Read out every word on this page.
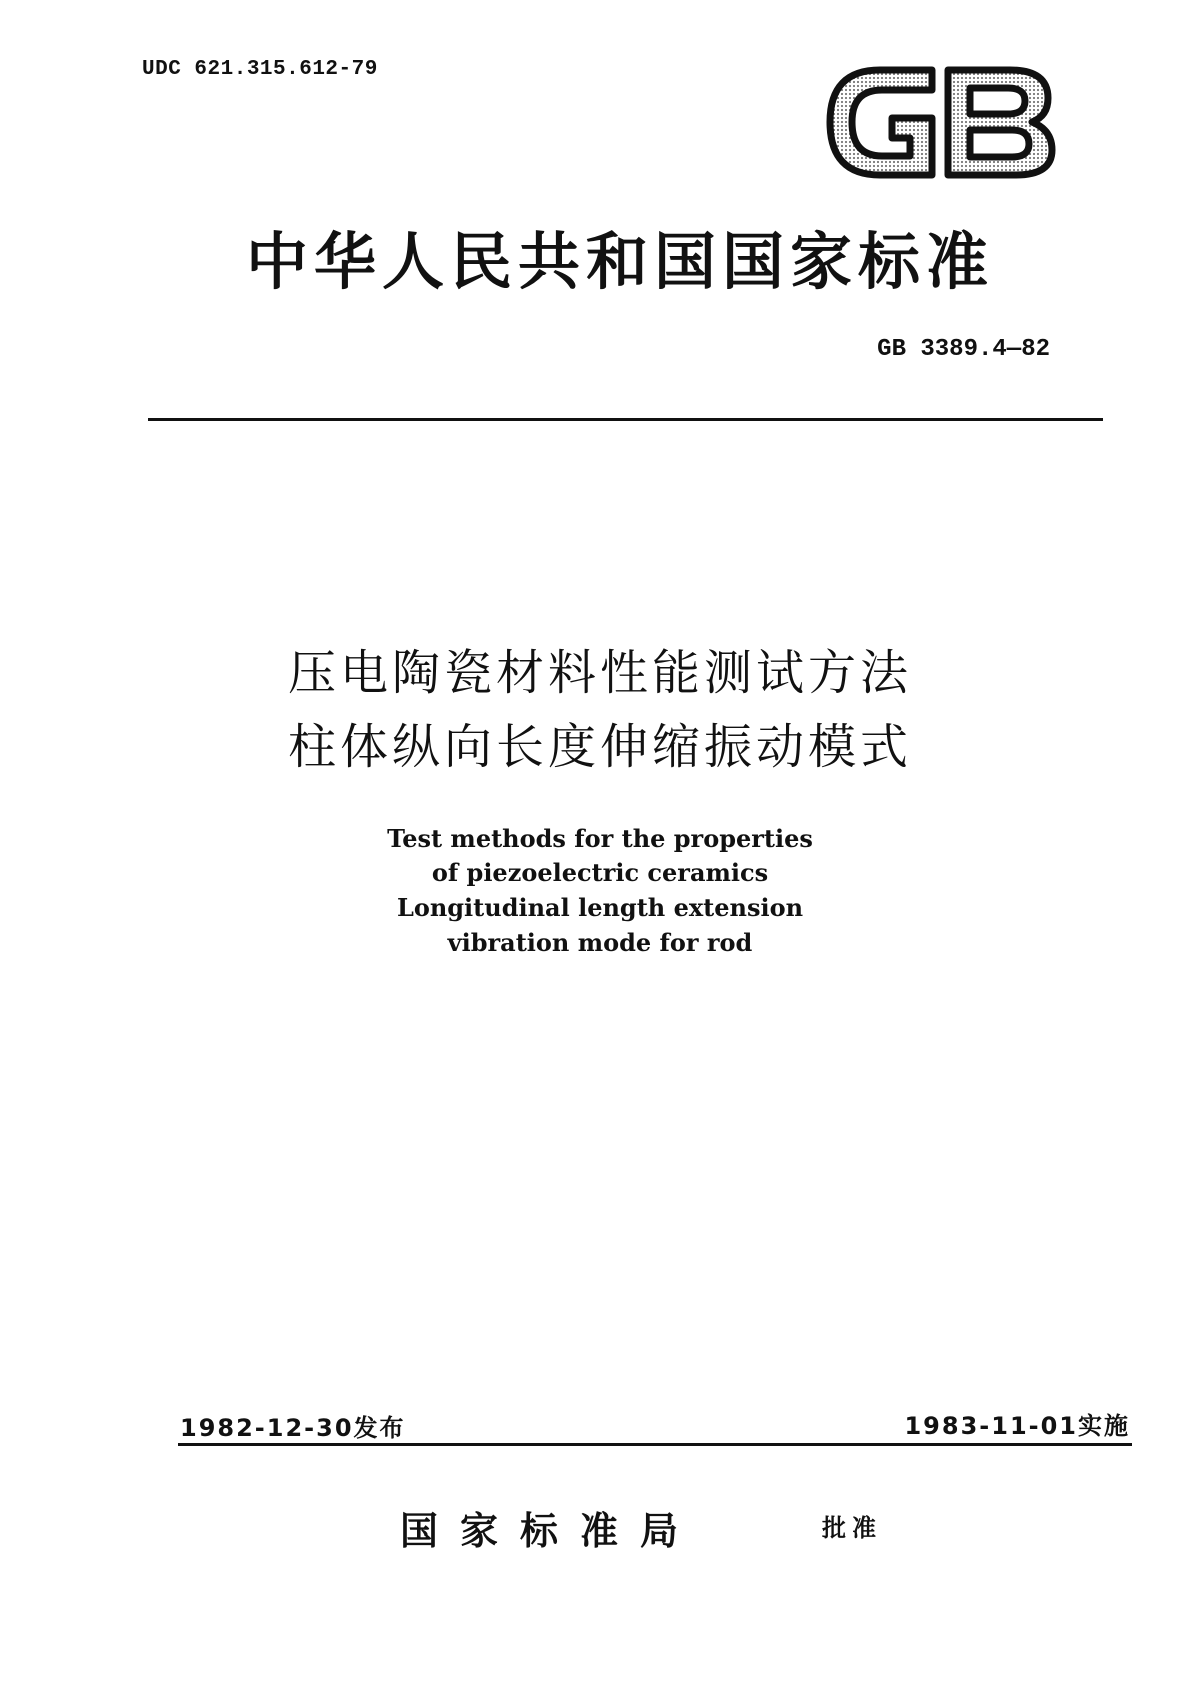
UDC 621.315.612-79
中华人民共和国国家标准
GB 3389.4—82
压电陶瓷材料性能测试方法
柱体纵向长度伸缩振动模式
Test methods for the properties
of piezoelectric ceramics
Longitudinal length extension
vibration mode for rod
1982-12-30发布	1983-11-01实施
国家标准局	批准
